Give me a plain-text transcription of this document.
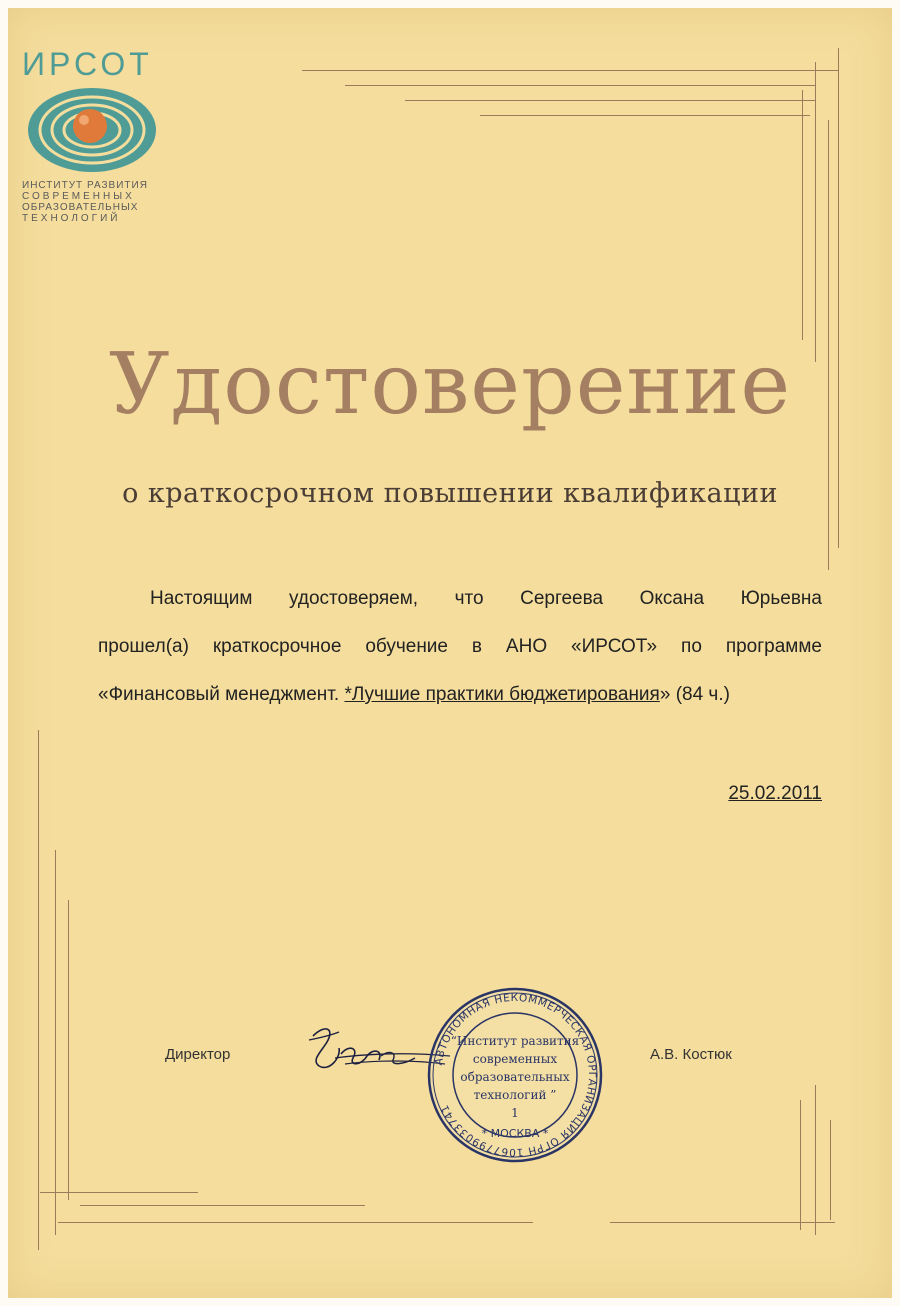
ИРСОТ
ИНСТИТУТ РАЗВИТИЯ
СОВРЕМЕННЫХ
ОБРАЗОВАТЕЛЬНЫХ
ТЕХНОЛОГИЙ
Удостоверение
о краткосрочном повышении квалификации
Настоящим удостоверяем, что Сергеева Оксана Юрьевна
прошел(а) краткосрочное обучение в АНО «ИРСОТ» по программе
«Финансовый менеджмент. *Лучшие практики бюджетирования» (84 ч.)
25.02.2011
Директор	А.В. Костюк
АВТОНОМНАЯ НЕКОММЕРЧЕСКАЯ ОРГАНИЗАЦИЯ ОГРН 1067799033741
“Институт развития
современных
образовательных
технологий ”
1
* МОСКВА *
